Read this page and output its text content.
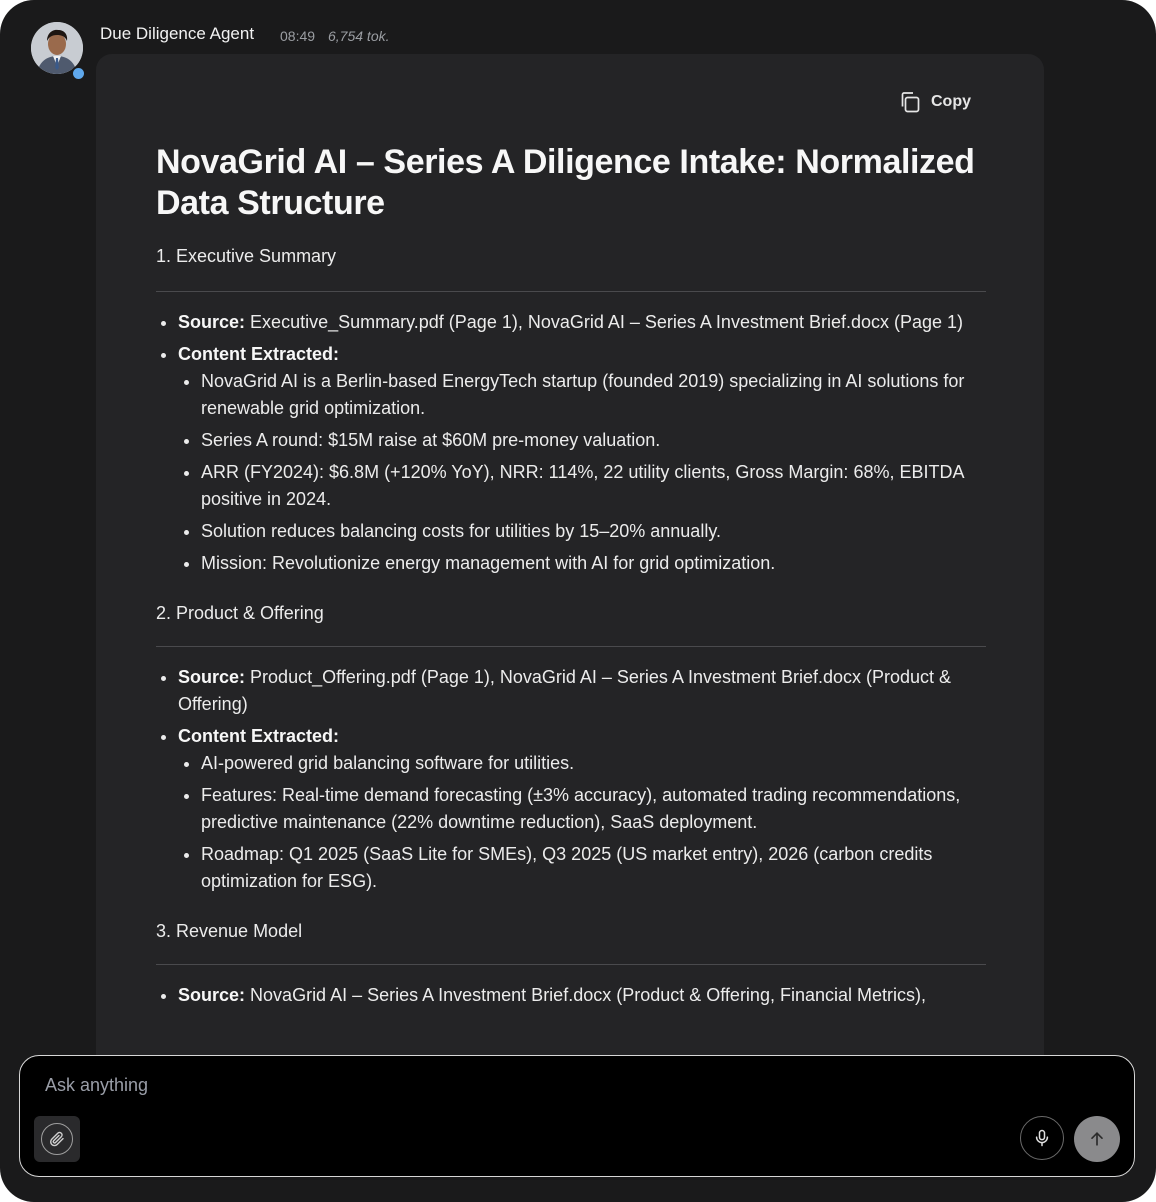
Due Diligence Agent 08:49 6,754 tok.
Copy
NovaGrid AI – Series A Diligence Intake: Normalized Data Structure
1. Executive Summary
• Source: Executive_Summary.pdf (Page 1), NovaGrid AI – Series A Investment Brief.docx (Page 1)
• Content Extracted:
• NovaGrid AI is a Berlin-based EnergyTech startup (founded 2019) specializing in AI solutions for renewable grid optimization.
• Series A round: $15M raise at $60M pre-money valuation.
• ARR (FY2024): $6.8M (+120% YoY), NRR: 114%, 22 utility clients, Gross Margin: 68%, EBITDA positive in 2024.
• Solution reduces balancing costs for utilities by 15–20% annually.
• Mission: Revolutionize energy management with AI for grid optimization.
2. Product & Offering
• Source: Product_Offering.pdf (Page 1), NovaGrid AI – Series A Investment Brief.docx (Product & Offering)
• Content Extracted:
• AI-powered grid balancing software for utilities.
• Features: Real-time demand forecasting (±3% accuracy), automated trading recommendations, predictive maintenance (22% downtime reduction), SaaS deployment.
• Roadmap: Q1 2025 (SaaS Lite for SMEs), Q3 2025 (US market entry), 2026 (carbon credits optimization for ESG).
3. Revenue Model
• Source: NovaGrid AI – Series A Investment Brief.docx (Product & Offering, Financial Metrics),
Ask anything
